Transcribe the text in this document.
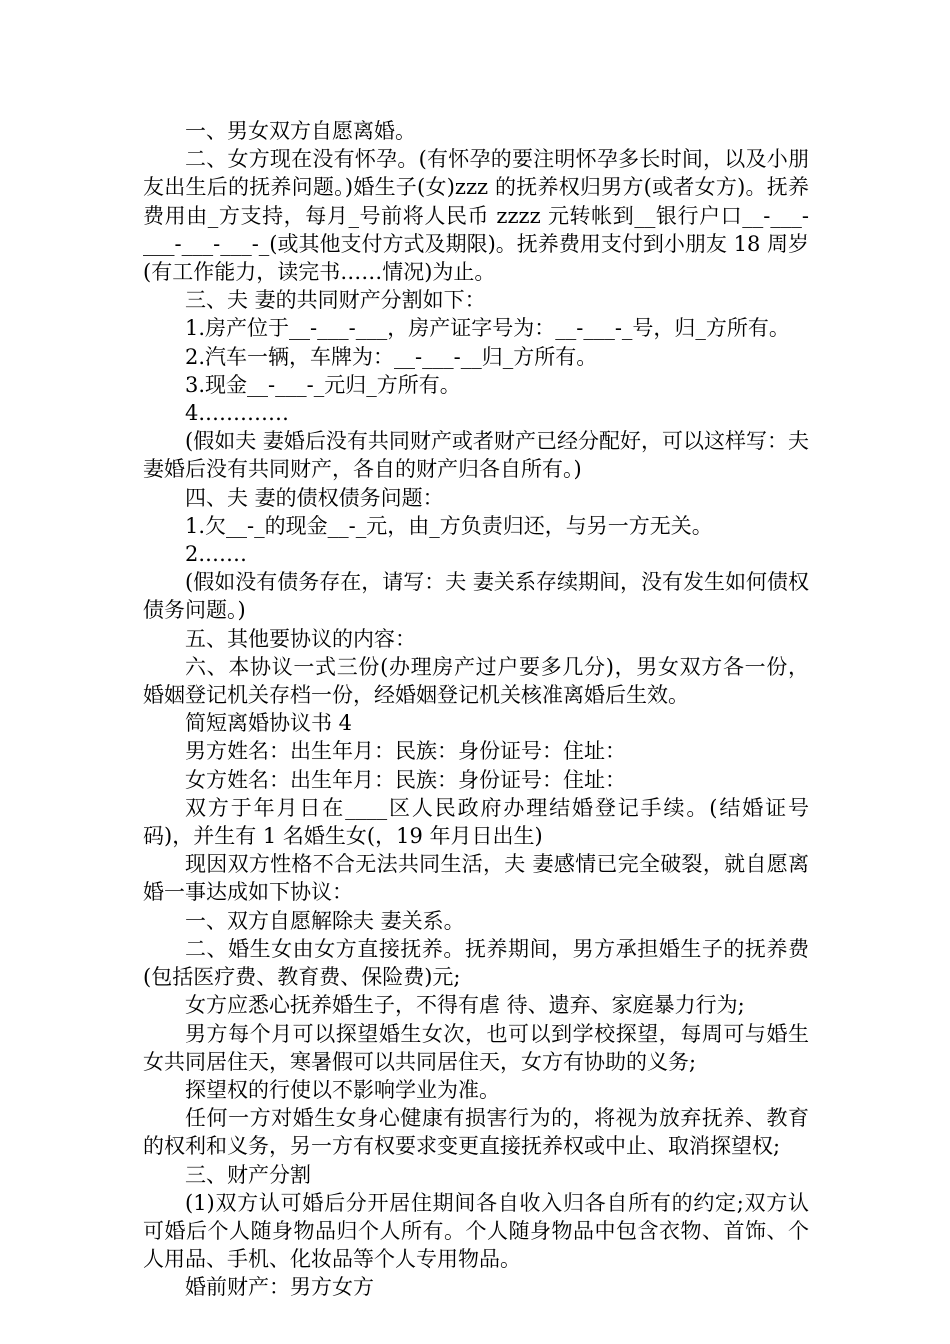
一、男女双方自愿离婚。

二、女方现在没有怀孕。(有怀孕的要注明怀孕多长时间，以及小朋友出生后的抚养问题。)婚生子(女)zzz 的抚养权归男方(或者女方)。抚养费用由_方支持，每月_号前将人民币 zzzz 元转帐到__银行户口__-___-___-___-___-_(或其他支付方式及期限)。抚养费用支付到小朋友 18 周岁(有工作能力，读完书……情况)为止。

三、夫 妻的共同财产分割如下：

1.房产位于__-___-___，房产证字号为：__-___-_号，归_方所有。

2.汽车一辆，车牌为：__-___-__归_方所有。

3.现金__-___-_元归_方所有。

4.…………

(假如夫 妻婚后没有共同财产或者财产已经分配好，可以这样写：夫 妻婚后没有共同财产，各自的财产归各自所有。)

四、夫 妻的债权债务问题：

1.欠__-_的现金__-_元，由_方负责归还，与另一方无关。

2.……

(假如没有债务存在，请写：夫 妻关系存续期间，没有发生如何债权债务问题。)

五、其他要协议的内容：

六、本协议一式三份(办理房产过户要多几分)，男女双方各一份，婚姻登记机关存档一份，经婚姻登记机关核准离婚后生效。

简短离婚协议书 4

男方姓名：出生年月：民族：身份证号：住址：

女方姓名：出生年月：民族：身份证号：住址：

双方于年月日在____区人民政府办理结婚登记手续。(结婚证号码)，并生有 1 名婚生女(，19 年月日出生)

现因双方性格不合无法共同生活，夫 妻感情已完全破裂，就自愿离婚一事达成如下协议：

一、双方自愿解除夫 妻关系。

二、婚生女由女方直接抚养。抚养期间，男方承担婚生子的抚养费(包括医疗费、教育费、保险费)元;

女方应悉心抚养婚生子，不得有虐 待、遗弃、家庭暴力行为;

男方每个月可以探望婚生女次，也可以到学校探望，每周可与婚生女共同居住天，寒暑假可以共同居住天，女方有协助的义务;

探望权的行使以不影响学业为准。

任何一方对婚生女身心健康有损害行为的，将视为放弃抚养、教育的权利和义务，另一方有权要求变更直接抚养权或中止、取消探望权;

三、财产分割

(1)双方认可婚后分开居住期间各自收入归各自所有的约定;双方认可婚后个人随身物品归个人所有。个人随身物品中包含衣物、首饰、个人用品、手机、化妆品等个人专用物品。

婚前财产：男方女方
